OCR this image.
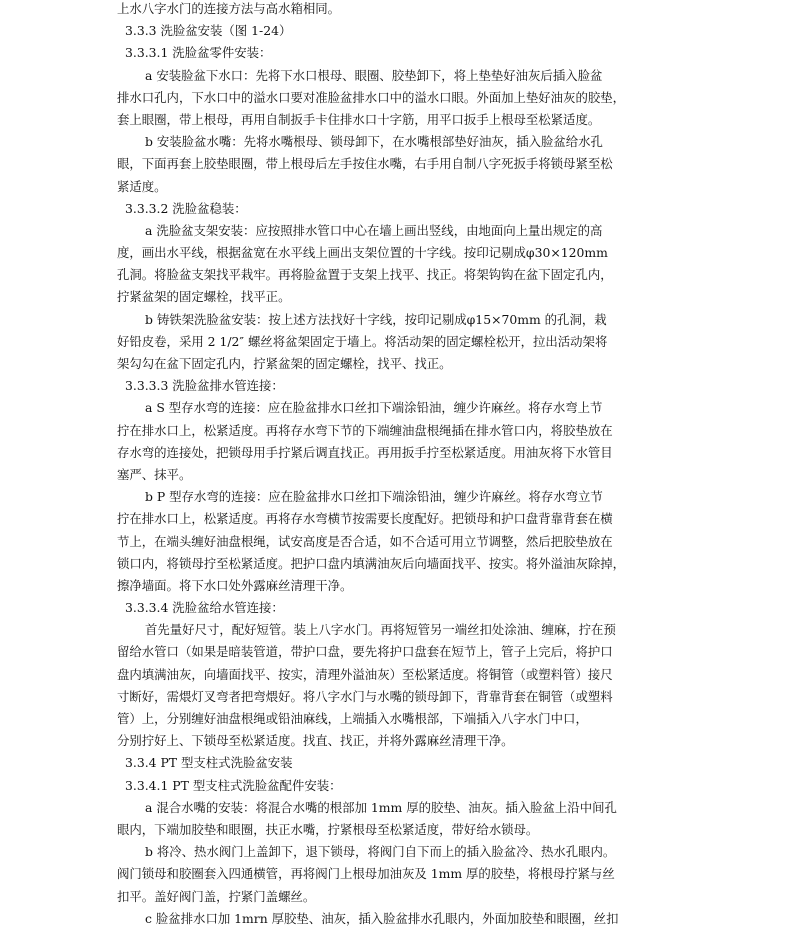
上水八字水门的连接方法与高水箱相同。
3.3.3 洗脸盆安装（图 1-24）
3.3.3.1 洗脸盆零件安装：
a 安装脸盆下水口：先将下水口根母、眼圈、胶垫卸下，将上垫垫好油灰后插入脸盆
排水口孔内，下水口中的溢水口要对准脸盆排水口中的溢水口眼。外面加上垫好油灰的胶垫，
套上眼圈，带上根母，再用自制扳手卡住排水口十字筋，用平口扳手上根母至松紧适度。
b 安装脸盆水嘴：先将水嘴根母、锁母卸下，在水嘴根部垫好油灰，插入脸盆给水孔
眼，下面再套上胶垫眼圈，带上根母后左手按住水嘴，右手用自制八字死扳手将锁母紧至松
紧适度。
3.3.3.2 洗脸盆稳装：
a 洗脸盆支架安装：应按照排水管口中心在墙上画出竖线，由地面向上量出规定的高
度，画出水平线，根据盆宽在水平线上画出支架位置的十字线。按印记剔成φ30×120mm
孔洞。将脸盆支架找平栽牢。再将脸盆置于支架上找平、找正。将架钩钩在盆下固定孔内，
拧紧盆架的固定螺栓，找平正。
b 铸铁架洗脸盆安装：按上述方法找好十字线，按印记剔成φ15×70mm 的孔洞，栽
好铅皮卷，采用 2 1/2″ 螺丝将盆架固定于墙上。将活动架的固定螺栓松开，拉出活动架将
架勾勾在盆下固定孔内，拧紧盆架的固定螺栓，找平、找正。
3.3.3.3 洗脸盆排水管连接：
a S 型存水弯的连接：应在脸盆排水口丝扣下端涂铅油，缠少许麻丝。将存水弯上节
拧在排水口上，松紧适度。再将存水弯下节的下端缠油盘根绳插在排水管口内，将胶垫放在
存水弯的连接处，把锁母用手拧紧后调直找正。再用扳手拧至松紧适度。用油灰将下水管目
塞严、抹平。
b P 型存水弯的连接：应在脸盆排水口丝扣下端涂铅油，缠少许麻丝。将存水弯立节
拧在排水口上，松紧适度。再将存水弯横节按需要长度配好。把锁母和护口盘背靠背套在横
节上，在端头缠好油盘根绳，试安高度是否合适，如不合适可用立节调整，然后把胶垫放在
锁口内，将锁母拧至松紧适度。把护口盘内填满油灰后向墙面找平、按实。将外溢油灰除掉，
擦净墙面。将下水口处外露麻丝清理干净。
3.3.3.4 洗脸盆给水管连接：
首先量好尺寸，配好短管。装上八字水门。再将短管另一端丝扣处涂油、缠麻，拧在预
留给水管口（如果是暗装管道，带护口盘，要先将护口盘套在短节上，管子上完后，将护口
盘内填满油灰，向墙面找平、按实，清理外溢油灰）至松紧适度。将铜管（或塑料管）接尺
寸断好，需煨灯叉弯者把弯煨好。将八字水门与水嘴的锁母卸下，背靠背套在铜管（或塑料
管）上，分别缠好油盘根绳或铅油麻线，上端插入水嘴根部，下端插入八字水门中口，
分别拧好上、下锁母至松紧适度。找直、找正，并将外露麻丝清理干净。
3.3.4 PT 型支柱式洗脸盆安装
3.3.4.1 PT 型支柱式洗脸盆配件安装：
a 混合水嘴的安装：将混合水嘴的根部加 1mm 厚的胶垫、油灰。插入脸盆上沿中间孔
眼内，下端加胶垫和眼圈，扶正水嘴，拧紧根母至松紧适度，带好给水锁母。
b 将冷、热水阀门上盖卸下，退下锁母，将阀门自下而上的插入脸盆冷、热水孔眼内。
阀门锁母和胶圈套入四通横管，再将阀门上根母加油灰及 1mm 厚的胶垫，将根母拧紧与丝
扣平。盖好阀门盖，拧紧门盖螺丝。
c 脸盆排水口加 1mrn 厚胶垫、油灰，插入脸盆排水孔眼内，外面加胶垫和眼圈，丝扣
